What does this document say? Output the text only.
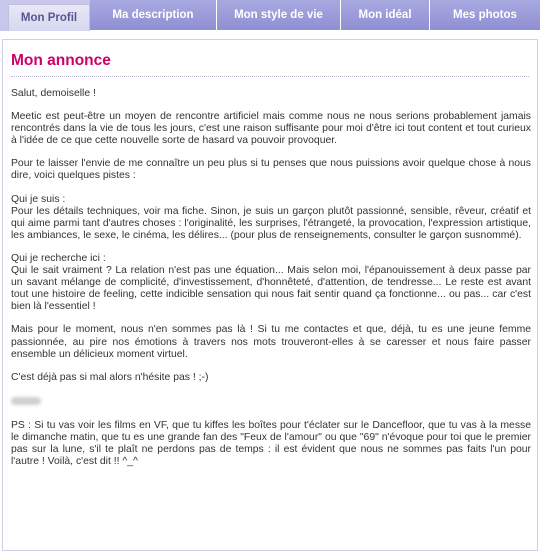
Mon Profil	Ma description	Mon style de vie	Mon idéal	Mes photos
Mon annonce

Salut, demoiselle !

Meetic est peut-être un moyen de rencontre artificiel mais comme nous ne nous serions probablement jamais rencontrés dans la vie de tous les jours, c'est une raison suffisante pour moi d'être ici tout content et tout curieux à l'idée de ce que cette nouvelle sorte de hasard va pouvoir provoquer.

Pour te laisser l'envie de me connaître un peu plus si tu penses que nous puissions avoir quelque chose à nous dire, voici quelques pistes :

Qui je suis :
Pour les détails techniques, voir ma fiche. Sinon, je suis un garçon plutôt passionné, sensible, rêveur, créatif et qui aime parmi tant d'autres choses : l'originalité, les surprises, l'étrangeté, la provocation, l'expression artistique, les ambiances, le sexe, le cinéma, les délires... (pour plus de renseignements, consulter le garçon susnommé).

Qui je recherche ici :
Qui le sait vraiment ? La relation n'est pas une équation... Mais selon moi, l'épanouissement à deux passe par un savant mélange de complicité, d'investissement, d'honnêteté, d'attention, de tendresse... Le reste est avant tout une histoire de feeling, cette indicible sensation qui nous fait sentir quand ça fonctionne... ou pas... car c'est bien là l'essentiel !

Mais pour le moment, nous n'en sommes pas là ! Si tu me contactes et que, déjà, tu es une jeune femme passionnée, au pire nos émotions à travers nos mots trouveront-elles à se caresser et nous faire passer ensemble un délicieux moment virtuel.

C'est déjà pas si mal alors n'hésite pas ! ;-)

PS : Si tu vas voir les films en VF, que tu kiffes les boîtes pour t'éclater sur le Dancefloor, que tu vas à la messe le dimanche matin, que tu es une grande fan des "Feux de l'amour" ou que "69" n'évoque pour toi que le premier pas sur la lune, s'il te plaît ne perdons pas de temps : il est évident que nous ne sommes pas faits l'un pour l'autre ! Voilà, c'est dit !! ^_^
